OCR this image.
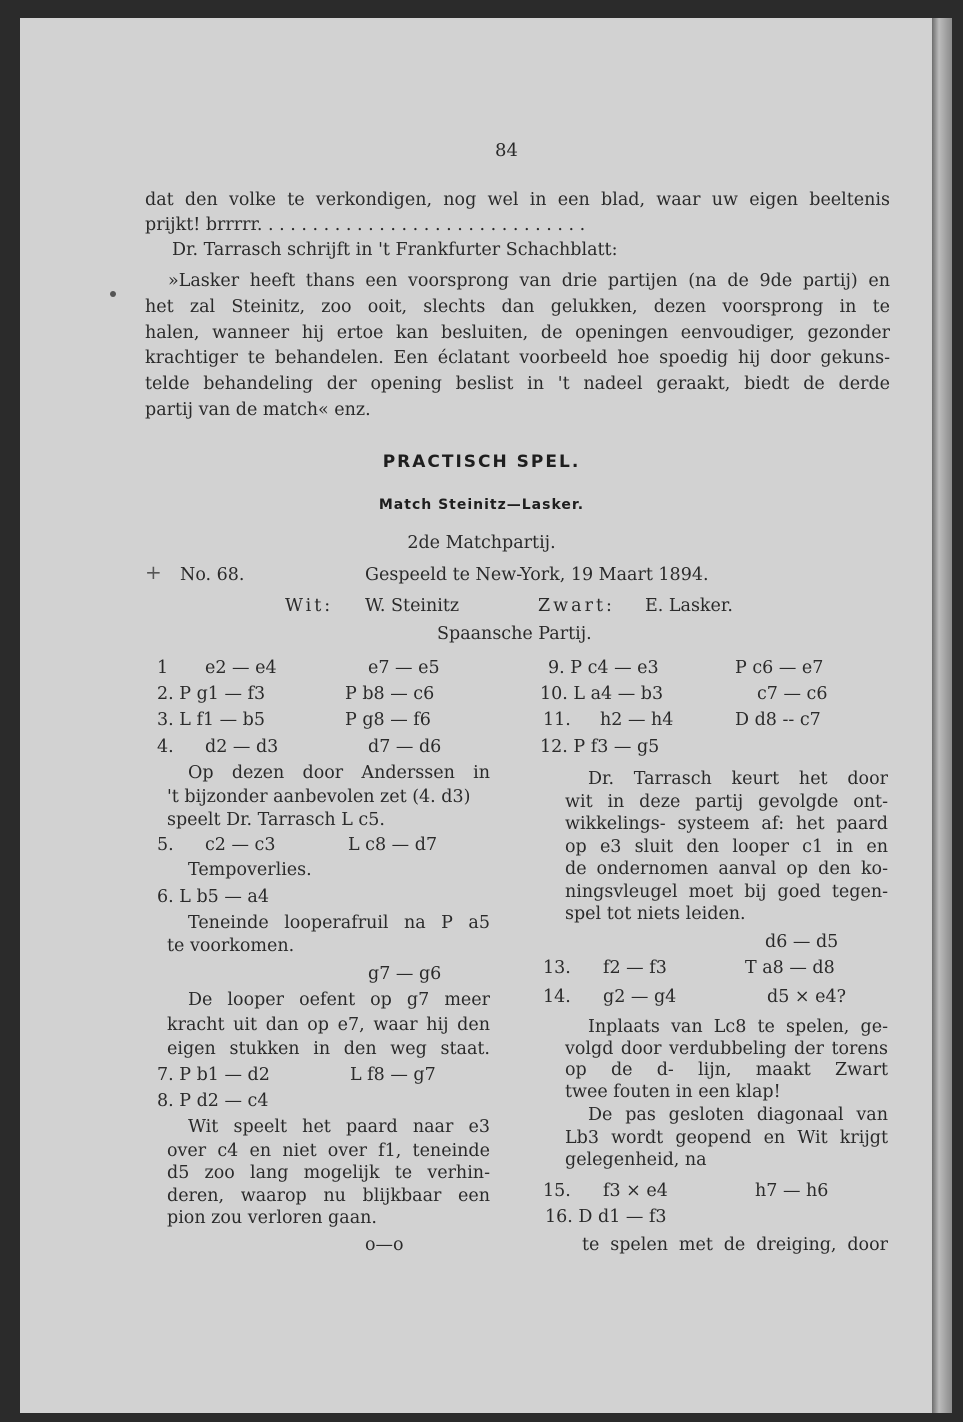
84
dat den volke te verkondigen, nog wel in een blad, waar uw eigen beeltenis
prijkt! brrrrr. . . . . . . . . . . . . . . . . . . . . . . . . . . . . .
Dr. Tarrasch schrijft in 't Frankfurter Schachblatt:
»Lasker heeft thans een voorsprong van drie partijen (na de 9de partij) en
het zal Steinitz, zoo ooit, slechts dan gelukken, dezen voorsprong in te
halen, wanneer hij ertoe kan besluiten, de openingen eenvoudiger, gezonder
krachtiger te behandelen. Een éclatant voorbeeld hoe spoedig hij door gekuns-
telde behandeling der opening beslist in 't nadeel geraakt, biedt de derde
partij van de match« enz.
PRACTISCH SPEL.
Match Steinitz—Lasker.
2de Matchpartij.
+ No. 68.	Gespeeld te New-York, 19 Maart 1894.
Wit: W. Steinitz	Zwart: E. Lasker.
Spaansche Partij.
1 e2 — e4	e7 — e5
2. P g1 — f3	P b8 — c6
3. L f1 — b5	P g8 — f6
4. d2 — d3	d7 — d6
Op dezen door Anderssen in
't bijzonder aanbevolen zet (4. d3)
speelt Dr. Tarrasch L c5.
5. c2 — c3	L c8 — d7
Tempoverlies.
6. L b5 — a4
Teneinde looperafruil na P a5
te voorkomen.
g7 — g6
De looper oefent op g7 meer
kracht uit dan op e7, waar hij den
eigen stukken in den weg staat.
7. P b1 — d2	L f8 — g7
8. P d2 — c4
Wit speelt het paard naar e3
over c4 en niet over f1, teneinde
d5 zoo lang mogelijk te verhin-
deren, waarop nu blijkbaar een
pion zou verloren gaan.
o—o
9. P c4 — e3	P c6 — e7
10. L a4 — b3	c7 — c6
11. h2 — h4	D d8 -- c7
12. P f3 — g5
Dr. Tarrasch keurt het door
wit in deze partij gevolgde ont-
wikkelings- systeem af: het paard
op e3 sluit den looper c1 in en
de ondernomen aanval op den ko-
ningsvleugel moet bij goed tegen-
spel tot niets leiden.
d6 — d5
13. f2 — f3	T a8 — d8
14. g2 — g4	d5 × e4?
Inplaats van Lc8 te spelen, ge-
volgd door verdubbeling der torens
op de d- lijn, maakt Zwart
twee fouten in een klap!
De pas gesloten diagonaal van
Lb3 wordt geopend en Wit krijgt
gelegenheid, na
15. f3 × e4	h7 — h6
16. D d1 — f3
te spelen met de dreiging, door
